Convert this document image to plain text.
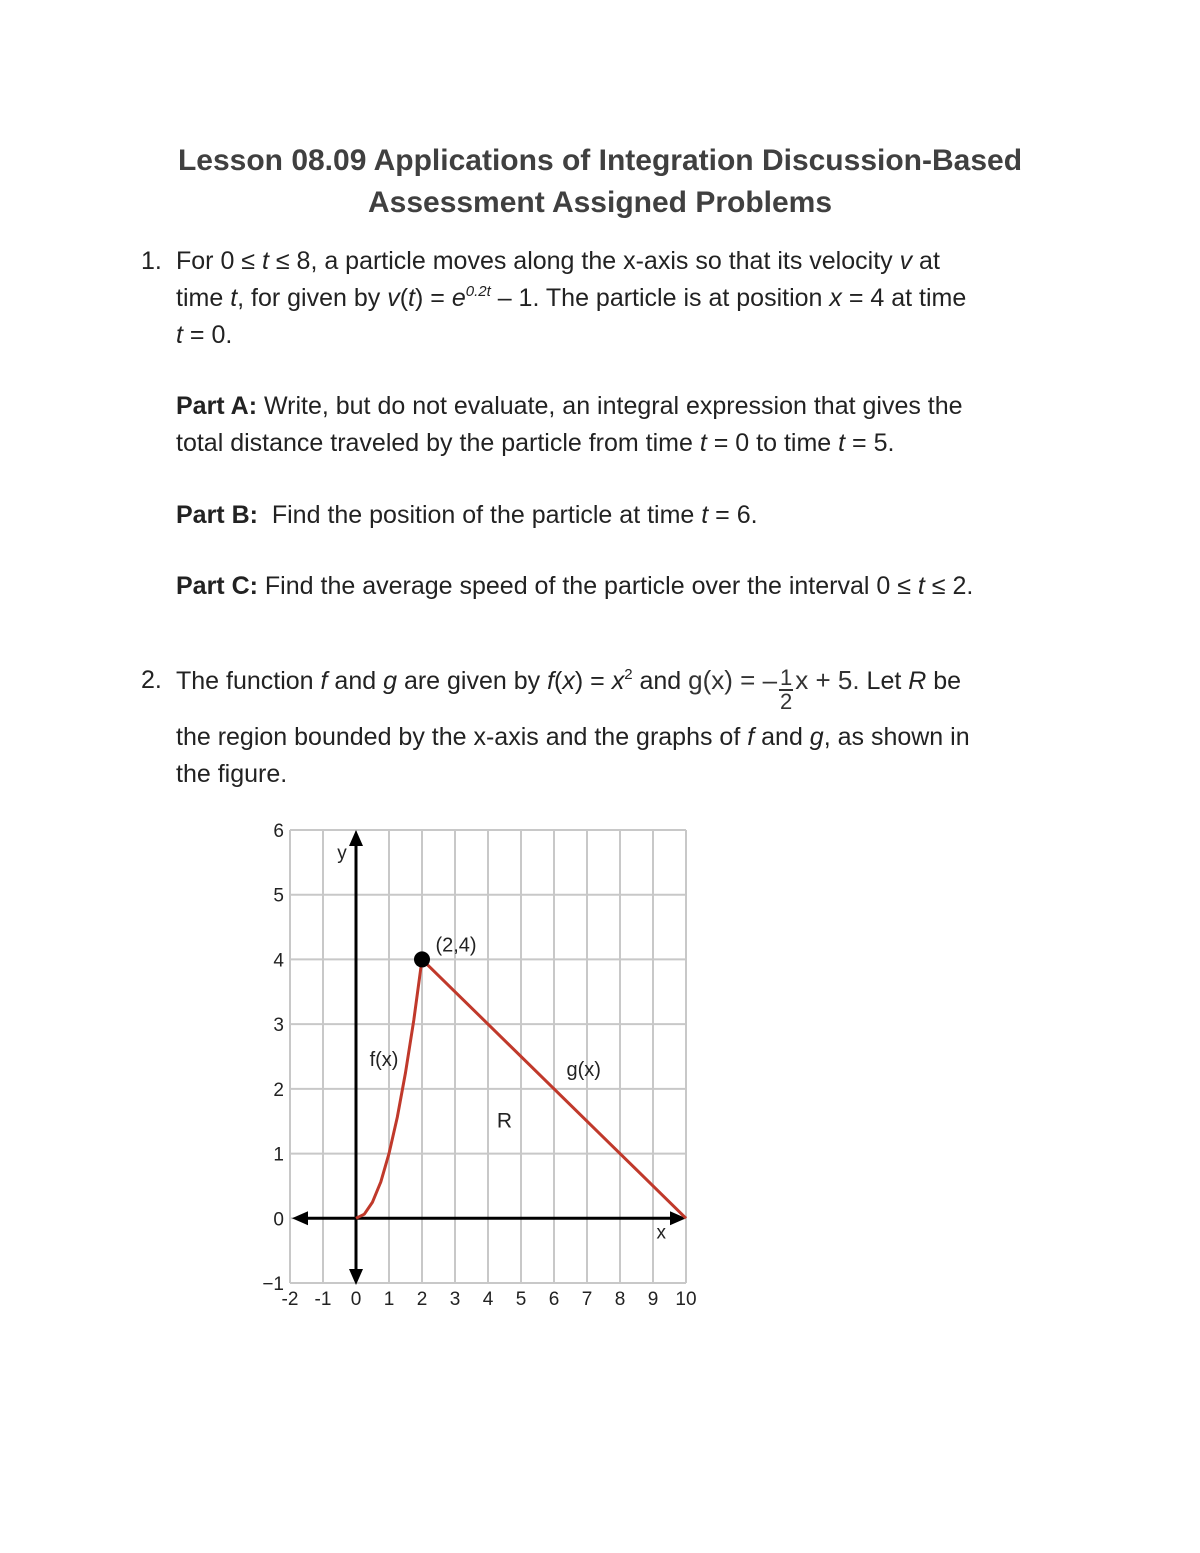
Lesson 08.09 Applications of Integration Discussion-Based
Assessment Assigned Problems
1. For 0 ≤ t ≤ 8, a particle moves along the x-axis so that its velocity v at
time t, for given by $v(t) = e^{0.2t} - 1$. The particle is at position x = 4 at time
t = 0.
Part A: Write, but do not evaluate, an integral expression that gives the
total distance traveled by the particle from time t = 0 to time t = 5.
Part B:  Find the position of the particle at time t = 6.
Part C: Find the average speed of the particle over the interval 0 ≤ t ≤ 2.
2. The function f and g are given by $f(x) = x^2$ and g(x) = – $\frac{1}{2}$ x + 5. Let R be
the region bounded by the x-axis and the graphs of f and g, as shown in
the figure.
-2 -1 0 1 2 3 4 5 6 7 8 9 10
−1
0
1
2
3
4
5
6
y
x
f(x)	g(x)
(2,4)
R
